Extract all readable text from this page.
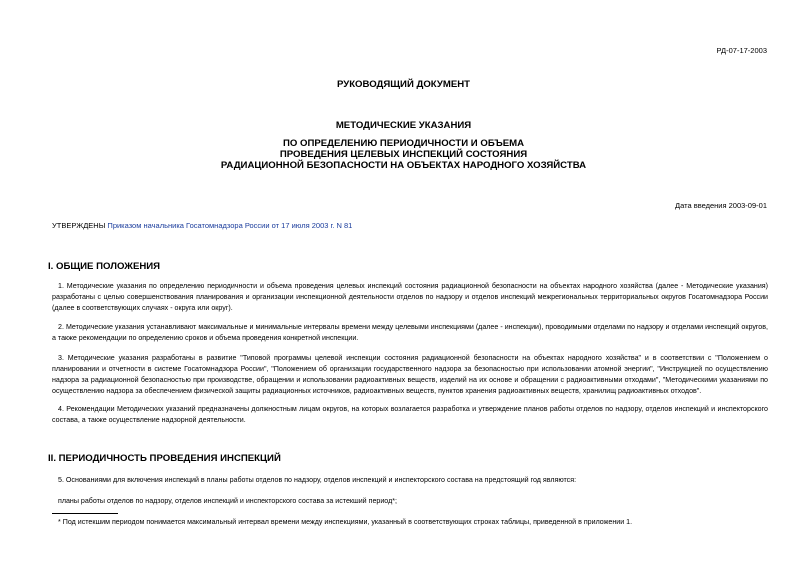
РД-07-17-2003
РУКОВОДЯЩИЙ ДОКУМЕНТ
МЕТОДИЧЕСКИЕ УКАЗАНИЯ
ПО ОПРЕДЕЛЕНИЮ ПЕРИОДИЧНОСТИ И ОБЪЕМА
ПРОВЕДЕНИЯ ЦЕЛЕВЫХ ИНСПЕКЦИЙ СОСТОЯНИЯ
РАДИАЦИОННОЙ БЕЗОПАСНОСТИ НА ОБЪЕКТАХ НАРОДНОГО ХОЗЯЙСТВА
Дата введения 2003-09-01
УТВЕРЖДЕНЫ Приказом начальника Госатомнадзора России от 17 июля 2003 г. N 81
I. ОБЩИЕ ПОЛОЖЕНИЯ

1. Методические указания по определению периодичности и объема проведения целевых инспекций состояния радиационной безопасности на объектах народного хозяйства (далее - Методические указания) разработаны с целью совершенствования планирования и организации инспекционной деятельности отделов по надзору и отделов инспекций межрегиональных территориальных округов Госатомнадзора России (далее в соответствующих случаях - округа или округ).

2. Методические указания устанавливают максимальные и минимальные интервалы времени между целевыми инспекциями (далее - инспекции), проводимыми отделами по надзору и отделами инспекций округов, а также рекомендации по определению сроков и объема проведения конкретной инспекции.

3. Методические указания разработаны в развитие "Типовой программы целевой инспекции состояния радиационной безопасности на объектах народного хозяйства" и в соответствии с "Положением о планировании и отчетности в системе Госатомнадзора России", "Положением об организации государственного надзора за безопасностью при использовании атомной энергии", "Инструкцией по осуществлению надзора за радиационной безопасностью при производстве, обращении и использовании радиоактивных веществ, изделий на их основе и обращении с радиоактивными отходами", "Методическими указаниями по осуществлению надзора за обеспечением физической защиты радиационных источников, радиоактивных веществ, пунктов хранения радиоактивных веществ, хранилищ радиоактивных отходов".

4. Рекомендации Методических указаний предназначены должностным лицам округов, на которых возлагается разработка и утверждение планов работы отделов по надзору, отделов инспекций и инспекторского состава, а также осуществление надзорной деятельности.

II. ПЕРИОДИЧНОСТЬ ПРОВЕДЕНИЯ ИНСПЕКЦИЙ

5. Основаниями для включения инспекций в планы работы отделов по надзору, отделов инспекций и инспекторского состава на предстоящий год являются:

планы работы отделов по надзору, отделов инспекций и инспекторского состава за истекший период*;

* Под истекшим периодом понимается максимальный интервал времени между инспекциями, указанный в соответствующих строках таблицы, приведенной в приложении 1.
